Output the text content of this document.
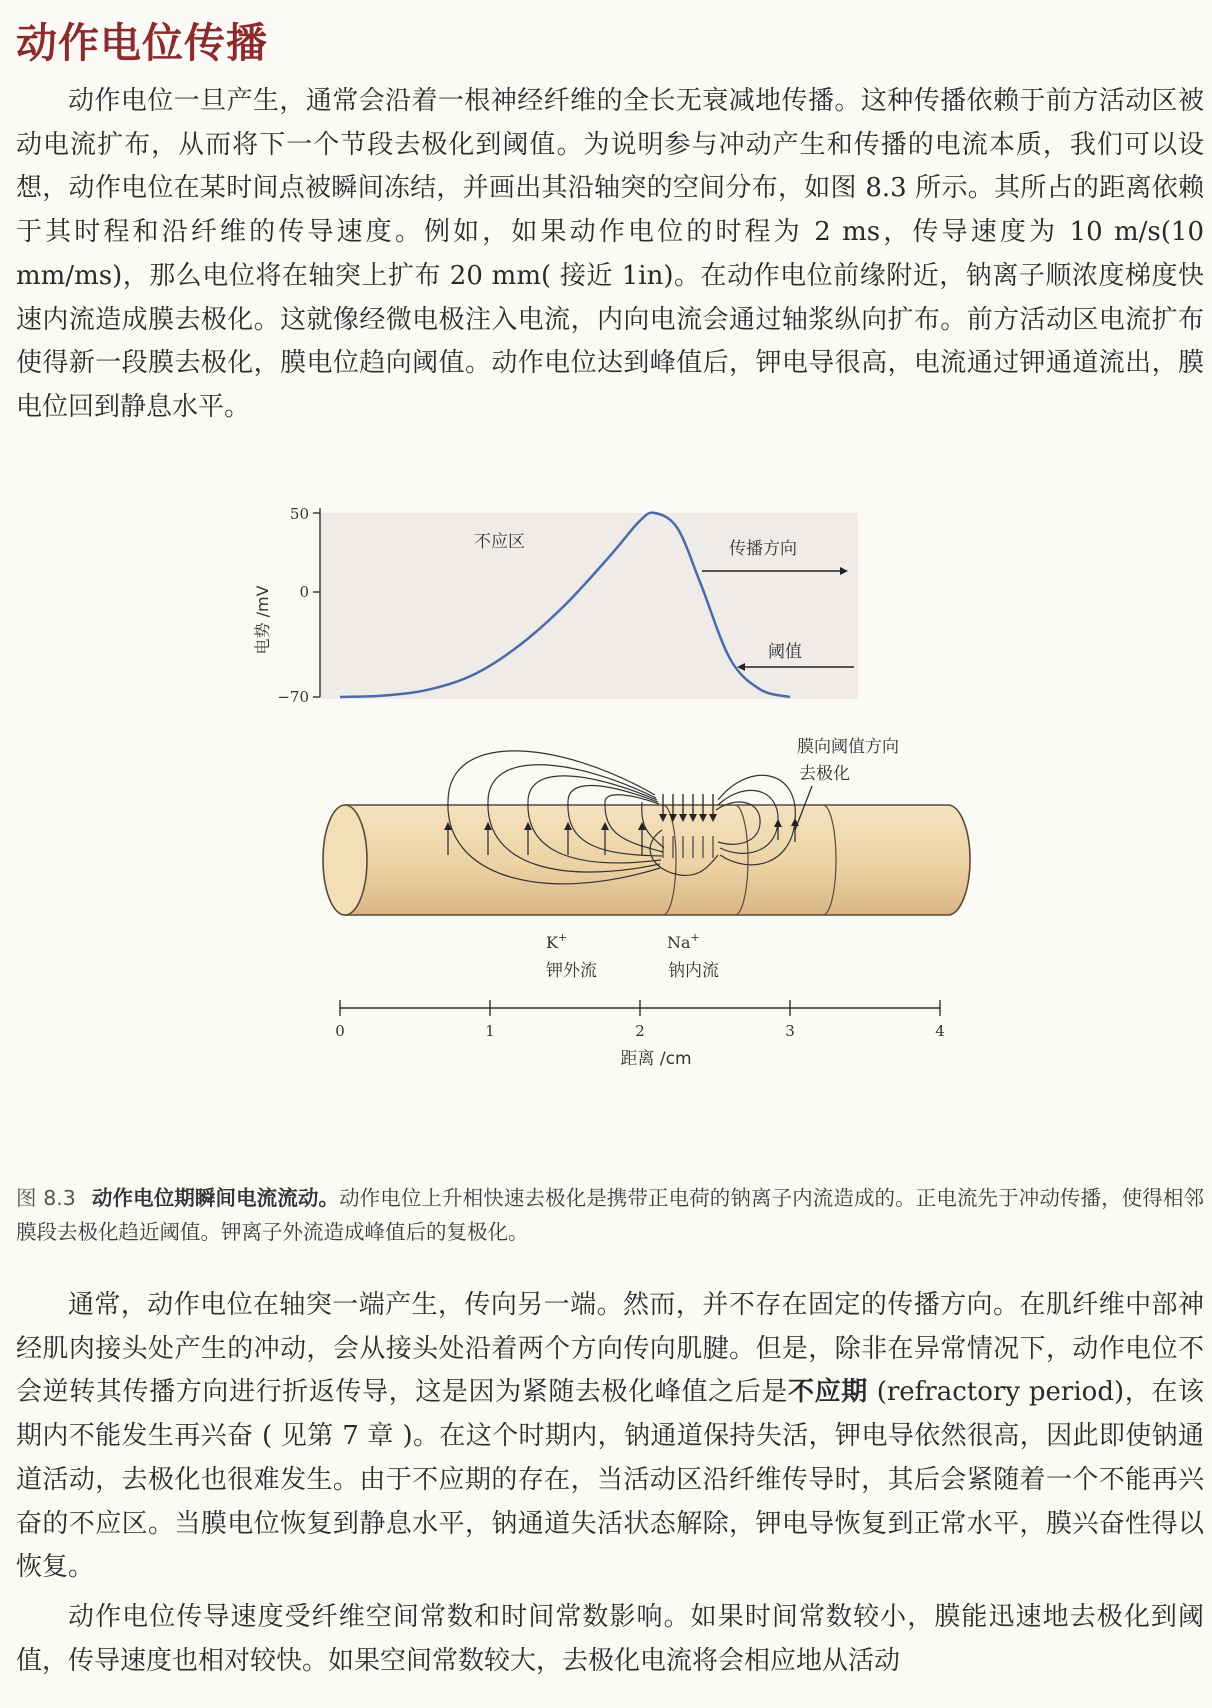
动作电位传播

动作电位一旦产生，通常会沿着一根神经纤维的全长无衰减地传播。这种传播依赖于前方活动区被动电流扩布，从而将下一个节段去极化到阈值。为说明参与冲动产生和传播的电流本质，我们可以设想，动作电位在某时间点被瞬间冻结，并画出其沿轴突的空间分布，如图 8.3 所示。其所占的距离依赖于其时程和沿纤维的传导速度。例如，如果动作电位的时程为 2 ms，传导速度为 10 m/s(10 mm/ms)，那么电位将在轴突上扩布 20 mm( 接近 1in)。在动作电位前缘附近，钠离子顺浓度梯度快速内流造成膜去极化。这就像经微电极注入电流，内向电流会通过轴浆纵向扩布。前方活动区电流扩布使得新一段膜去极化，膜电位趋向阈值。动作电位达到峰值后，钾电导很高，电流通过钾通道流出，膜电位回到静息水平。

50
0
−70
电势 /mV
不应区	传播方向
阈值
膜向阈值方向
去极化
K+
钾外流
Na+
钠内流
0	1	2	3	4
距离 /cm
图 8.3 动作电位期瞬间电流流动。动作电位上升相快速去极化是携带正电荷的钠离子内流造成的。正电流先于冲动传播，使得相邻膜段去极化趋近阈值。钾离子外流造成峰值后的复极化。

通常，动作电位在轴突一端产生，传向另一端。然而，并不存在固定的传播方向。在肌纤维中部神经肌肉接头处产生的冲动，会从接头处沿着两个方向传向肌腱。但是，除非在异常情况下，动作电位不会逆转其传播方向进行折返传导，这是因为紧随去极化峰值之后是不应期 (refractory period)，在该期内不能发生再兴奋 ( 见第 7 章 )。在这个时期内，钠通道保持失活，钾电导依然很高，因此即使钠通道活动，去极化也很难发生。由于不应期的存在，当活动区沿纤维传导时，其后会紧随着一个不能再兴奋的不应区。当膜电位恢复到静息水平，钠通道失活状态解除，钾电导恢复到正常水平，膜兴奋性得以恢复。

动作电位传导速度受纤维空间常数和时间常数影响。如果时间常数较小，膜能迅速地去极化到阈值，传导速度也相对较快。如果空间常数较大，去极化电流将会相应地从活动
